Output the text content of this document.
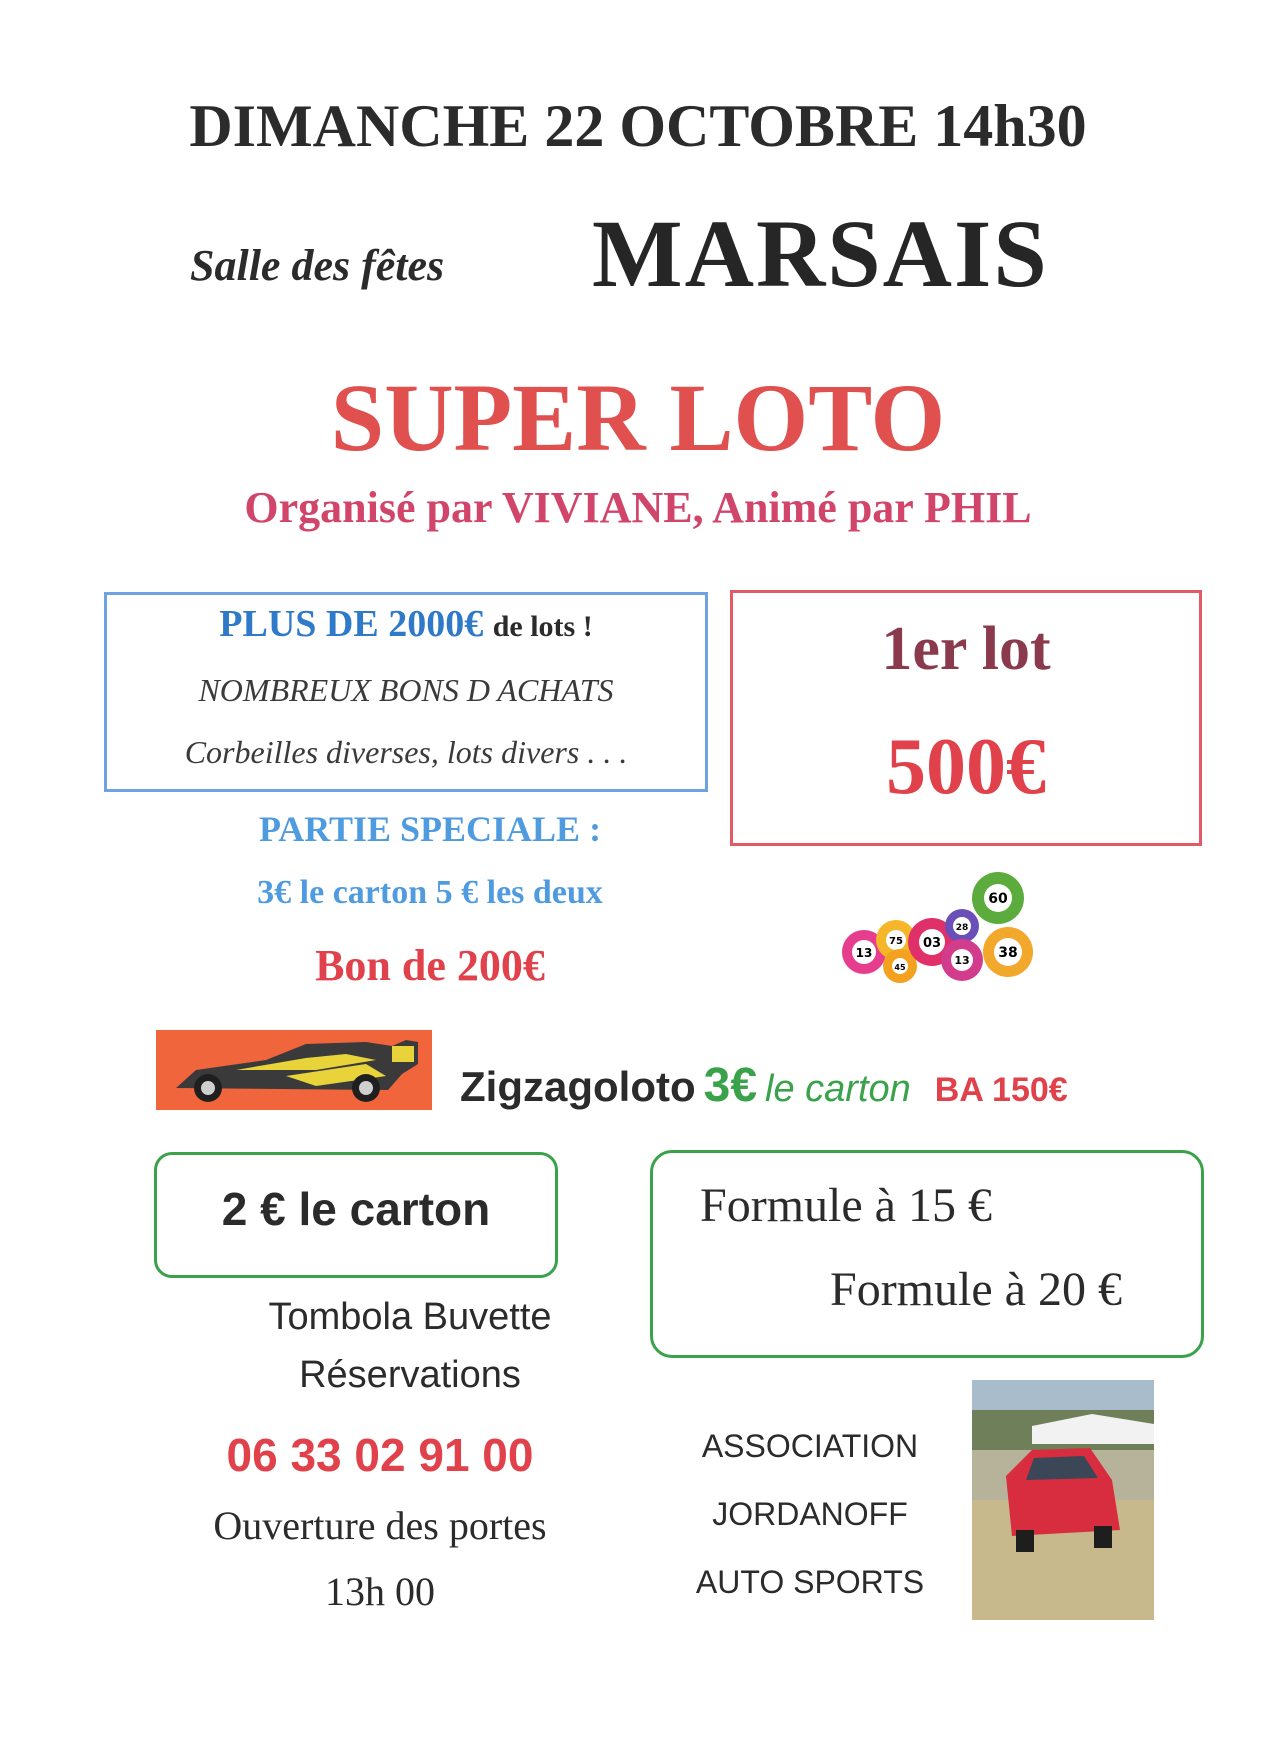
DIMANCHE 22 OCTOBRE 14h30
Salle des fêtes MARSAIS
SUPER LOTO
Organisé par VIVIANE, Animé par PHIL
PLUS DE 2000€ de lots !
NOMBREUX BONS D ACHATS
Corbeilles diverses, lots divers . . .
1er lot
500€
PARTIE SPECIALE :
3€ le carton 5 € les deux
Bon de 200€	13
75
45
03
28
13
60
38
Zigzagoloto 3€ le carton BA 150€
2 € le carton	Formule à 15 €
Formule à 20 €
Tombola Buvette
Réservations
06 33 02 91 00
Ouverture des portes
13h 00
ASSOCIATION
JORDANOFF
AUTO SPORTS
